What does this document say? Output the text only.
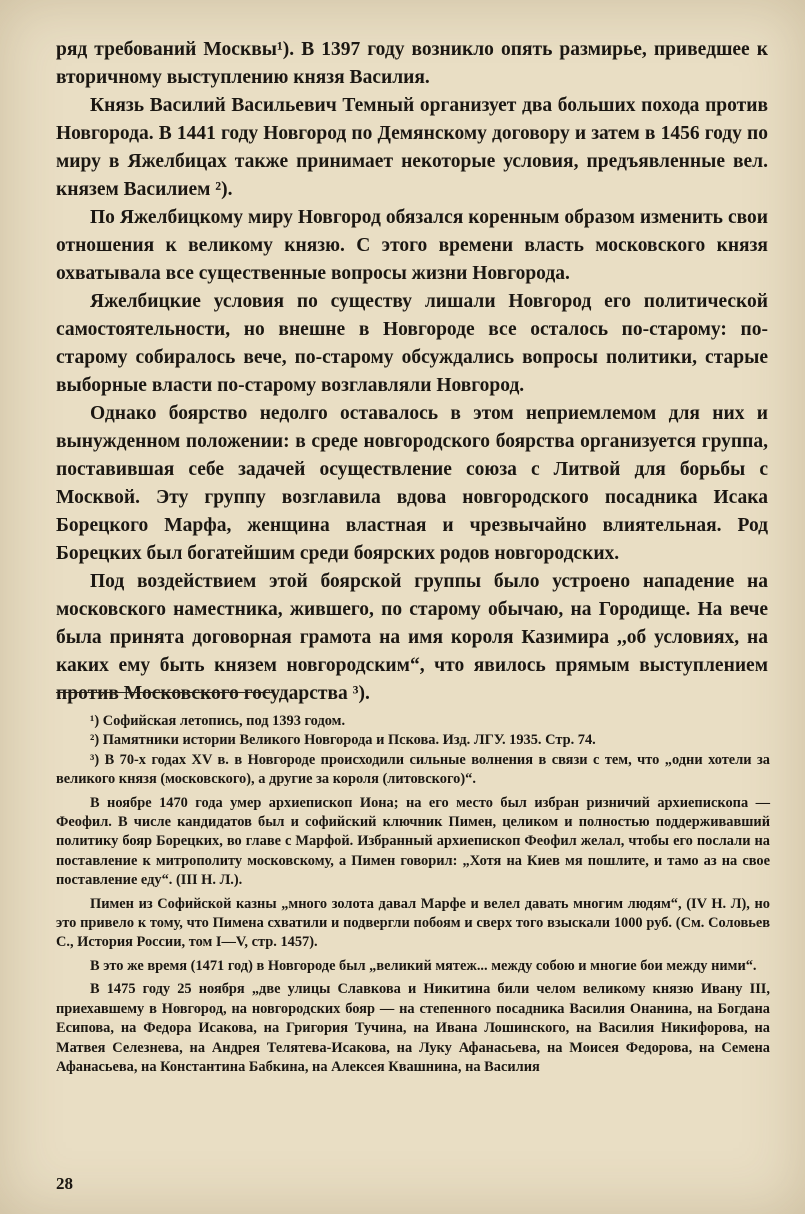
ряд требований Москвы¹). В 1397 году возникло опять размирье, приведшее к вторичному выступлению князя Василия.

Князь Василий Васильевич Темный организует два больших похода против Новгорода. В 1441 году Новгород по Демянскому договору и затем в 1456 году по миру в Яжелбицах также принимает некоторые условия, предъявленные вел. князем Василием ²).

По Яжелбицкому миру Новгород обязался коренным образом изменить свои отношения к великому князю. С этого времени власть московского князя охватывала все существенные вопросы жизни Новгорода.

Яжелбицкие условия по существу лишали Новгород его политической самостоятельности, но внешне в Новгороде все осталось по-старому: по-старому собиралось вече, по-старому обсуждались вопросы политики, старые выборные власти по-старому возглавляли Новгород.

Однако боярство недолго оставалось в этом неприемлемом для них и вынужденном положении: в среде новгородского боярства организуется группа, поставившая себе задачей осуществление союза с Литвой для борьбы с Москвой. Эту группу возглавила вдова новгородского посадника Исака Борецкого Марфа, женщина властная и чрезвычайно влиятельная. Род Борецких был богатейшим среди боярских родов новгородских.

Под воздействием этой боярской группы было устроено нападение на московского наместника, жившего, по старому обычаю, на Городище. На вече была принята договорная грамота на имя короля Казимира ,,об условиях, на каких ему быть князем новгородским“, что явилось прямым выступлением против Московского государства ³).

¹) Софийская летопись, под 1393 годом.

²) Памятники истории Великого Новгорода и Пскова. Изд. ЛГУ. 1935. Стр. 74.

³) В 70-х годах XV в. в Новгороде происходили сильные волнения в связи с тем, что „одни хотели за великого князя (московского), а другие за короля (литовского)“.

В ноябре 1470 года умер архиепископ Иона; на его место был избран ризничий архиепископа — Феофил. В числе кандидатов был и софийский ключник Пимен, целиком и полностью поддерживавший политику бояр Борецких, во главе с Марфой. Избранный архиепископ Феофил желал, чтобы его послали на поставление к митрополиту московскому, а Пимен говорил: „Хотя на Киев мя пошлите, и тамо аз на свое поставление еду“. (III Н. Л.).

Пимен из Софийской казны „много золота давал Марфе и велел давать многим людям“, (IV Н. Л), но это привело к тому, что Пимена схватили и подвергли побоям и сверх того взыскали 1000 руб. (См. Соловьев С., История России, том I—V, стр. 1457).

В это же время (1471 год) в Новгороде был „великий мятеж... между собою и многие бои между ними“.

В 1475 году 25 ноября „две улицы Славкова и Никитина били челом великому князю Ивану III, приехавшему в Новгород, на новгородских бояр — на степенного посадника Василия Онанина, на Богдана Есипова, на Федора Исакова, на Григория Тучина, на Ивана Лошинского, на Василия Никифорова, на Матвея Селезнева, на Андрея Телятева-Исакова, на Луку Афанасьева, на Моисея Федорова, на Семена Афанасьева, на Константина Бабкина, на Алексея Квашнина, на Василия

28
